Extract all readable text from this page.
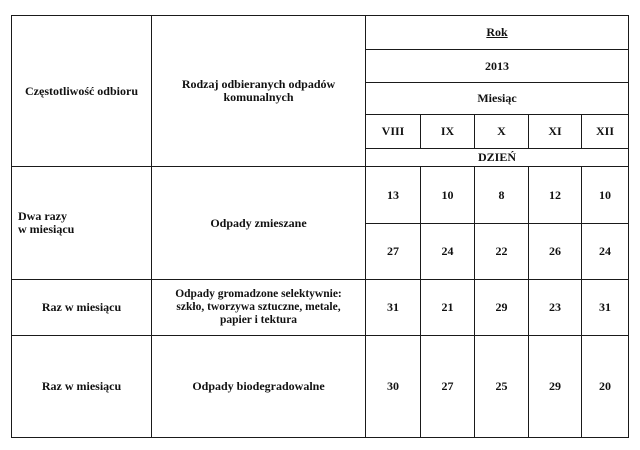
Częstotliwość odbioru	Rodzaj odbieranych odpadów komunalnych	Rok				
		2013				
		Miesiąc				
		VIII	IX	X	XI	XII
		DZIEŃ				
Dwa razy
w miesiącu	Odpady zmieszane	13	10	8	12	10
		27	24	22	26	24
Raz w miesiącu	Odpady gromadzone selektywnie:
szkło, tworzywa sztuczne, metale,
papier i tektura	31	21	29	23	31
Raz w miesiącu	Odpady biodegradowalne	30	27	25	29	20
